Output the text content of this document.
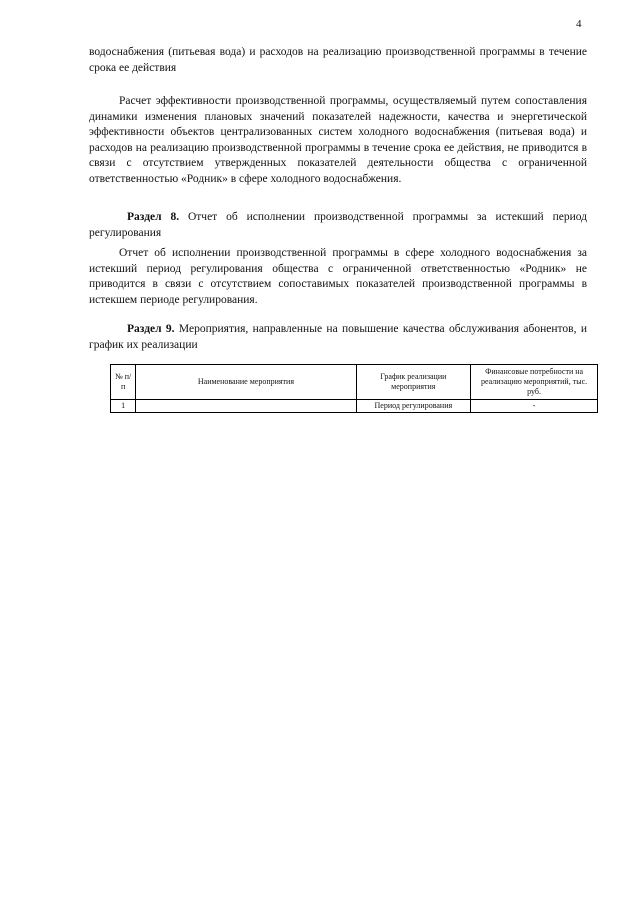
4

водоснабжения (питьевая вода) и расходов на реализацию производственной программы в течение срока ее действия

Расчет эффективности производственной программы, осуществляемый путем сопоставления динамики изменения плановых значений показателей надежности, качества и энергетической эффективности объектов централизованных систем холодного водоснабжения (питьевая вода) и расходов на реализацию производственной программы в течение срока ее действия, не приводится в связи с отсутствием утвержденных показателей деятельности общества с ограниченной ответственностью «Родник» в сфере холодного водоснабжения.

Раздел 8. Отчет об исполнении производственной программы за истекший период регулирования

Отчет об исполнении производственной программы в сфере холодного водоснабжения за истекший период регулирования общества с ограниченной ответственностью «Родник» не приводится в связи с отсутствием сопоставимых показателей производственной программы в истекшем периоде регулирования.

Раздел 9. Мероприятия, направленные на повышение качества обслуживания абонентов, и график их реализации

№ п/п	Наименование мероприятия	График реализации мероприятия	Финансовые потребности на реализацию мероприятий, тыс. руб.
1		Период регулирования	-
